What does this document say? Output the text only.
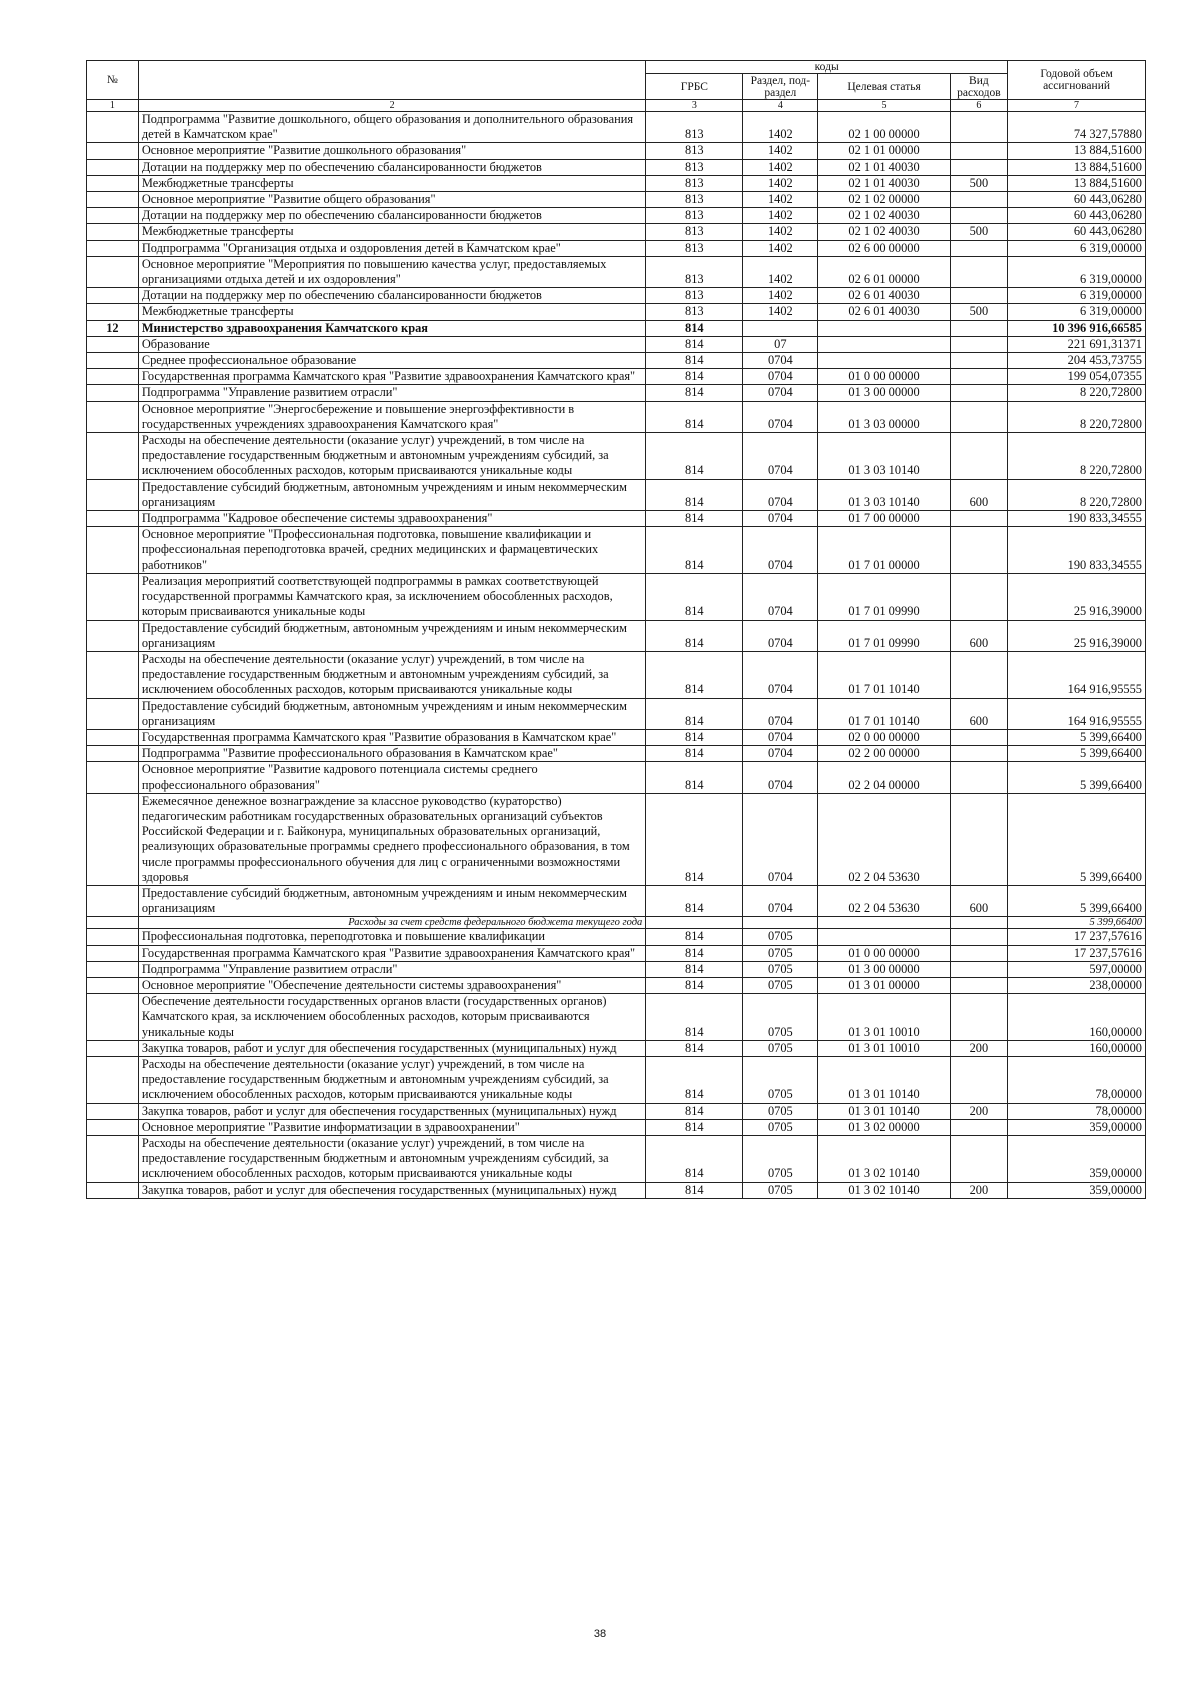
№		коды				Годовой объем ассигнований
		ГРБС	Раздел, под-раздел	Целевая статья	Вид расходов	
1	2	3	4	5	6	7
	Подпрограмма "Развитие дошкольного, общего образования и дополнительного образования детей в Камчатском крае"	813	1402	02 1 00 00000		74 327,57880
	Основное мероприятие "Развитие дошкольного образования"	813	1402	02 1 01 00000		13 884,51600
	Дотации на поддержку мер по обеспечению сбалансированности бюджетов	813	1402	02 1 01 40030		13 884,51600
	Межбюджетные трансферты	813	1402	02 1 01 40030	500	13 884,51600
	Основное мероприятие "Развитие общего образования"	813	1402	02 1 02 00000		60 443,06280
	Дотации на поддержку мер по обеспечению сбалансированности бюджетов	813	1402	02 1 02 40030		60 443,06280
	Межбюджетные трансферты	813	1402	02 1 02 40030	500	60 443,06280
	Подпрограмма "Организация отдыха и оздоровления детей в Камчатском крае"	813	1402	02 6 00 00000		6 319,00000
	Основное мероприятие "Мероприятия по повышению качества услуг, предоставляемых организациями отдыха детей и их оздоровления"	813	1402	02 6 01 00000		6 319,00000
	Дотации на поддержку мер по обеспечению сбалансированности бюджетов	813	1402	02 6 01 40030		6 319,00000
	Межбюджетные трансферты	813	1402	02 6 01 40030	500	6 319,00000
12	Министерство здравоохранения Камчатского края	814				10 396 916,66585
	Образование	814	07			221 691,31371
	Среднее профессиональное образование	814	0704			204 453,73755
	Государственная программа Камчатского края "Развитие здравоохранения Камчатского края"	814	0704	01 0 00 00000		199 054,07355
	Подпрограмма "Управление развитием отрасли"	814	0704	01 3 00 00000		8 220,72800
	Основное мероприятие "Энергосбережение и повышение энергоэффективности в государственных учреждениях здравоохранения Камчатского края"	814	0704	01 3 03 00000		8 220,72800
	Расходы на обеспечение деятельности (оказание услуг) учреждений, в том числе на предоставление государственным бюджетным и автономным учреждениям субсидий, за исключением обособленных расходов, которым присваиваются уникальные коды	814	0704	01 3 03 10140		8 220,72800
	Предоставление субсидий бюджетным, автономным учреждениям и иным некоммерческим организациям	814	0704	01 3 03 10140	600	8 220,72800
	Подпрограмма "Кадровое обеспечение системы здравоохранения"	814	0704	01 7 00 00000		190 833,34555
	Основное мероприятие "Профессиональная подготовка, повышение квалификации и профессиональная переподготовка врачей, средних медицинских и фармацевтических работников"	814	0704	01 7 01 00000		190 833,34555
	Реализация мероприятий соответствующей подпрограммы в рамках соответствующей государственной программы Камчатского края, за исключением обособленных расходов, которым присваиваются уникальные коды	814	0704	01 7 01 09990		25 916,39000
	Предоставление субсидий бюджетным, автономным учреждениям и иным некоммерческим организациям	814	0704	01 7 01 09990	600	25 916,39000
	Расходы на обеспечение деятельности (оказание услуг) учреждений, в том числе на предоставление государственным бюджетным и автономным учреждениям субсидий, за исключением обособленных расходов, которым присваиваются уникальные коды	814	0704	01 7 01 10140		164 916,95555
	Предоставление субсидий бюджетным, автономным учреждениям и иным некоммерческим организациям	814	0704	01 7 01 10140	600	164 916,95555
	Государственная программа Камчатского края "Развитие образования в Камчатском крае"	814	0704	02 0 00 00000		5 399,66400
	Подпрограмма "Развитие профессионального образования в Камчатском крае"	814	0704	02 2 00 00000		5 399,66400
	Основное мероприятие "Развитие кадрового потенциала системы среднего профессионального образования"	814	0704	02 2 04 00000		5 399,66400
	Ежемесячное денежное вознаграждение за классное руководство (кураторство) педагогическим работникам государственных образовательных организаций субъектов Российской Федерации и г. Байконура, муниципальных образовательных организаций, реализующих образовательные программы среднего профессионального образования, в том числе программы профессионального обучения для лиц с ограниченными возможностями здоровья	814	0704	02 2 04 53630		5 399,66400
	Предоставление субсидий бюджетным, автономным учреждениям и иным некоммерческим организациям	814	0704	02 2 04 53630	600	5 399,66400
	Расходы за счет средств федерального бюджета текущего года					5 399,66400
	Профессиональная подготовка, переподготовка и повышение квалификации	814	0705			17 237,57616
	Государственная программа Камчатского края "Развитие здравоохранения Камчатского края"	814	0705	01 0 00 00000		17 237,57616
	Подпрограмма "Управление развитием отрасли"	814	0705	01 3 00 00000		597,00000
	Основное мероприятие "Обеспечение деятельности системы здравоохранения"	814	0705	01 3 01 00000		238,00000
	Обеспечение деятельности государственных органов власти (государственных органов) Камчатского края, за исключением обособленных расходов, которым присваиваются уникальные коды	814	0705	01 3 01 10010		160,00000
	Закупка товаров, работ и услуг для обеспечения государственных (муниципальных) нужд	814	0705	01 3 01 10010	200	160,00000
	Расходы на обеспечение деятельности (оказание услуг) учреждений, в том числе на предоставление государственным бюджетным и автономным учреждениям субсидий, за исключением обособленных расходов, которым присваиваются уникальные коды	814	0705	01 3 01 10140		78,00000
	Закупка товаров, работ и услуг для обеспечения государственных (муниципальных) нужд	814	0705	01 3 01 10140	200	78,00000
	Основное мероприятие "Развитие информатизации в здравоохранении"	814	0705	01 3 02 00000		359,00000
	Расходы на обеспечение деятельности (оказание услуг) учреждений, в том числе на предоставление государственным бюджетным и автономным учреждениям субсидий, за исключением обособленных расходов, которым присваиваются уникальные коды	814	0705	01 3 02 10140		359,00000
	Закупка товаров, работ и услуг для обеспечения государственных (муниципальных) нужд	814	0705	01 3 02 10140	200	359,00000
38
